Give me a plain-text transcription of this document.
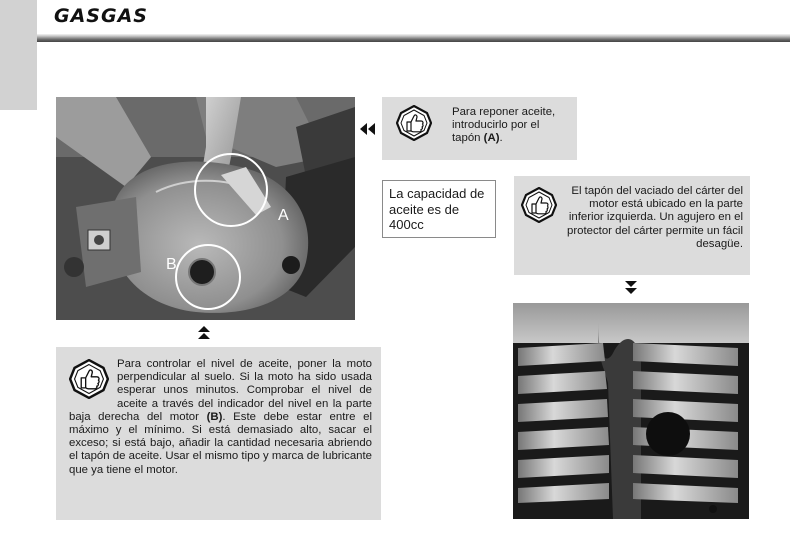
GASGAS
A
B
Para reponer aceite, introducirlo por el tapón (A).
La capacidad de aceite es de 400cc
El tapón del vaciado del cárter del motor está ubicado en la parte inferior izquierda. Un agujero en el protector del cárter permite un fácil desagüe.
Para controlar el nivel de aceite, poner la moto perpendicular al suelo. Si la moto ha sido usada esperar unos minutos. Comprobar el nivel de aceite a través del indicador del nivel en la parte baja derecha del motor (B). Este debe estar entre el máximo y el mínimo. Si está demasiado alto, sacar el exceso; si está bajo, añadir la cantidad necesaria abriendo el tapón de aceite. Usar el mismo tipo y marca de lubricante que ya tiene el motor.
